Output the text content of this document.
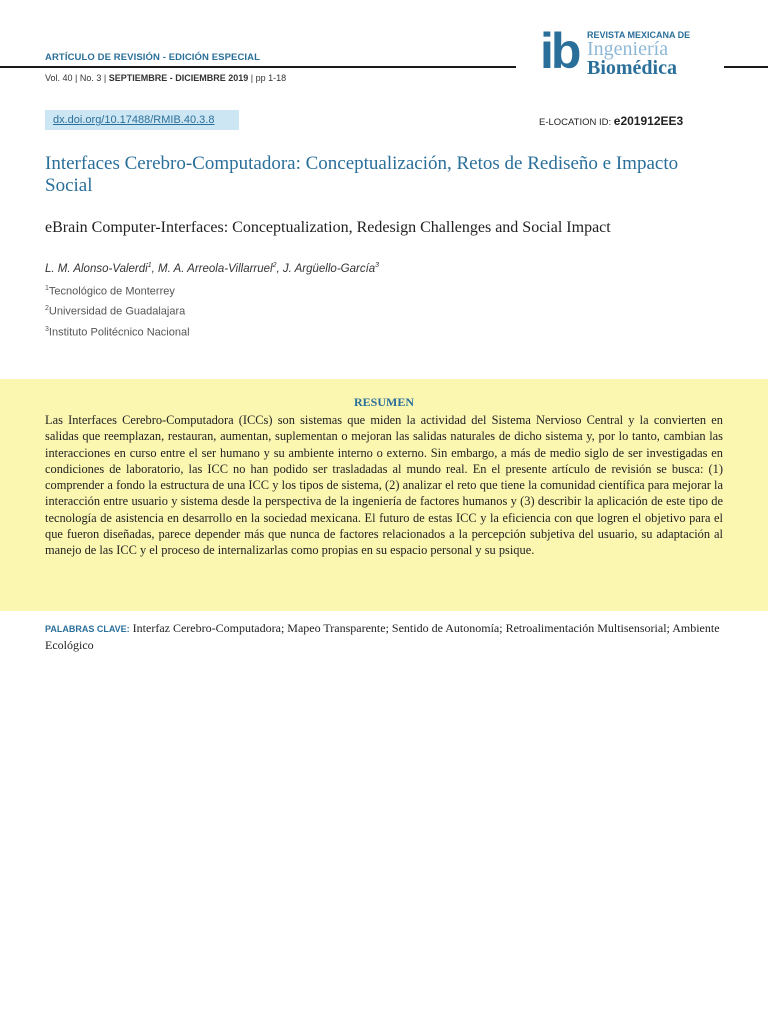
ARTÍCULO DE REVISIÓN - EDICIÓN ESPECIAL
Vol. 40 | No. 3 | SEPTIEMBRE - DICIEMBRE 2019 | pp 1-18	ib REVISTA MEXICANA DE
Ingeniería
Biomédica
dx.doi.org/10.17488/RMIB.40.3.8	E-LOCATION ID: e201912EE3
Interfaces Cerebro-Computadora: Conceptualización, Retos de Rediseño e Impacto Social
eBrain Computer-Interfaces: Conceptualization, Redesign Challenges and Social Impact
L. M. Alonso-Valerdi$^1$, M. A. Arreola-Villarruel$^2$, J. Argüello-García$^3$
$^1$Tecnológico de Monterrey
$^2$Universidad de Guadalajara
$^3$Instituto Politécnico Nacional
RESUMEN
Las Interfaces Cerebro-Computadora (ICCs) son sistemas que miden la actividad del Sistema Nervioso Central y la convierten en salidas que reemplazan, restauran, aumentan, suplementan o mejoran las salidas naturales de dicho sistema y, por lo tanto, cambian las interacciones en curso entre el ser humano y su ambiente interno o externo. Sin embargo, a más de medio siglo de ser investigadas en condiciones de laboratorio, las ICC no han podido ser trasladadas al mundo real. En el presente artículo de revisión se busca: (1) comprender a fondo la estructura de una ICC y los tipos de sistema, (2) analizar el reto que tiene la comunidad científica para mejorar la interacción entre usuario y sistema desde la perspectiva de la ingeniería de factores humanos y (3) describir la aplicación de este tipo de tecnología de asistencia en desarrollo en la sociedad mexicana. El futuro de estas ICC y la eficiencia con que logren el objetivo para el que fueron diseñadas, parece depender más que nunca de factores relacionados a la percepción subjetiva del usuario, su adaptación al manejo de las ICC y el proceso de internalizarlas como propias en su espacio personal y su psique.
PALABRAS CLAVE: Interfaz Cerebro-Computadora; Mapeo Transparente; Sentido de Autonomía; Retroalimentación Multisensorial; Ambiente Ecológico
